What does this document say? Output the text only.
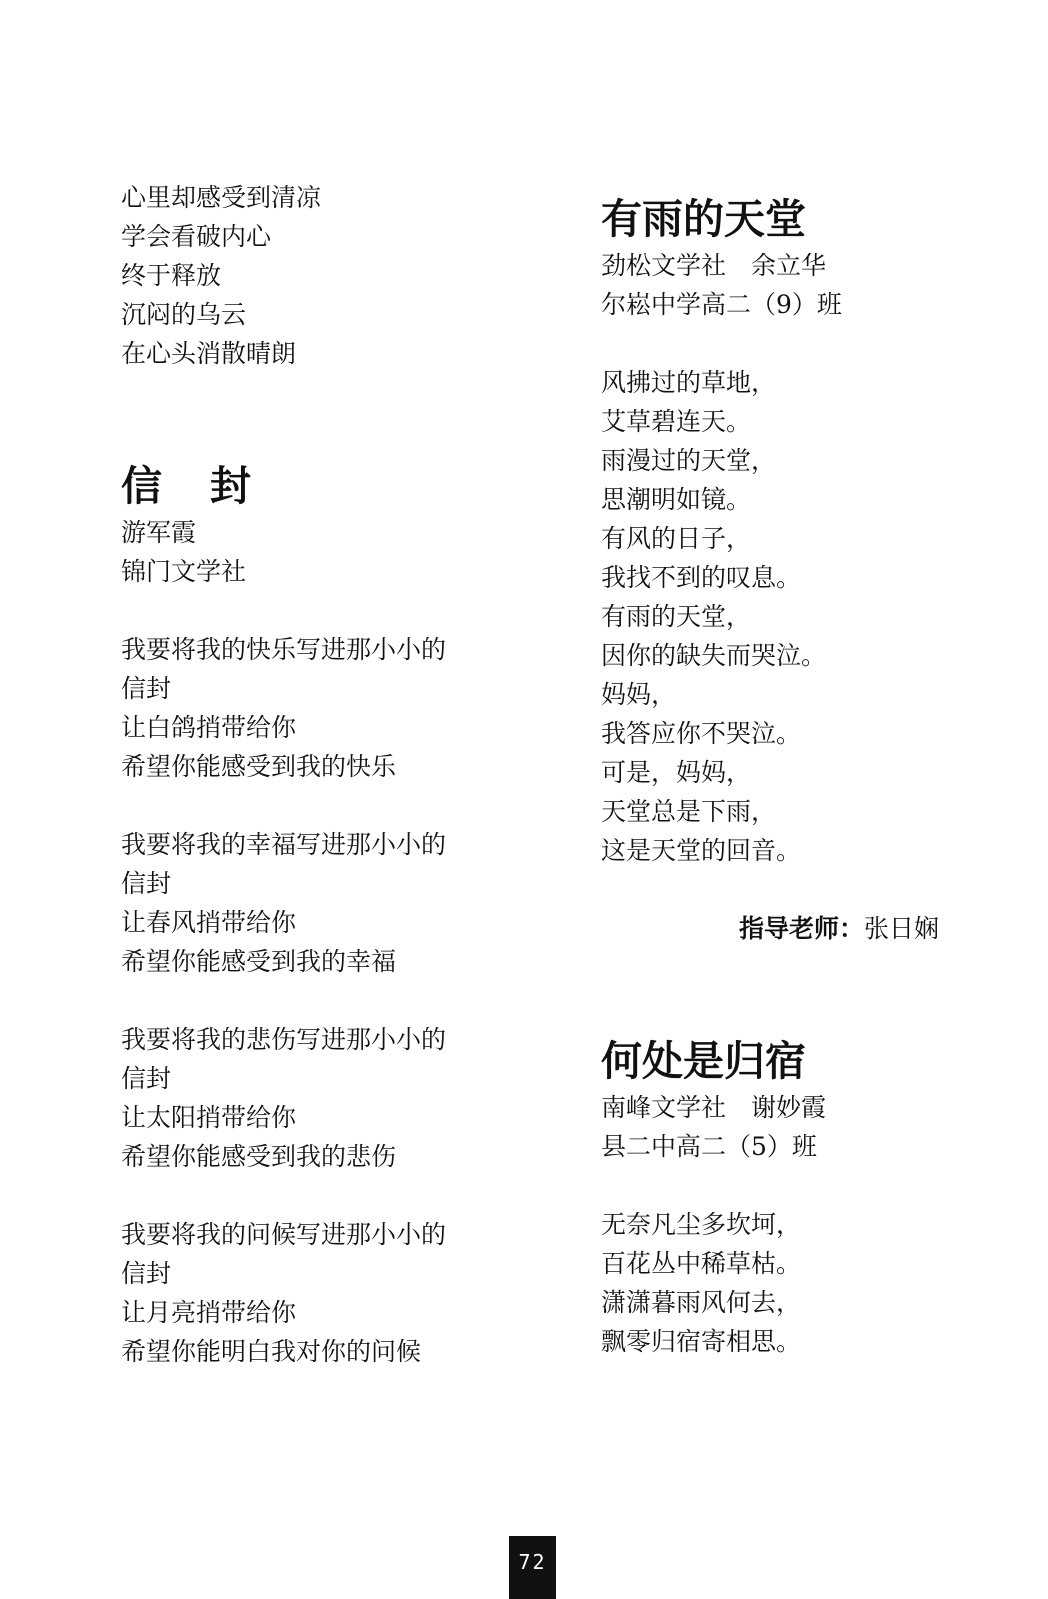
心里却感受到清凉

学会看破内心

终于释放

沉闷的乌云

在心头消散晴朗

信封

游军霞

锦门文学社

我要将我的快乐写进那小小的

信封

让白鸽捎带给你

希望你能感受到我的快乐

我要将我的幸福写进那小小的

信封

让春风捎带给你

希望你能感受到我的幸福

我要将我的悲伤写进那小小的

信封

让太阳捎带给你

希望你能感受到我的悲伤

我要将我的问候写进那小小的

信封

让月亮捎带给你

希望你能明白我对你的问候

有雨的天堂

劲松文学社　余立华

尔崧中学高二（9）班

风拂过的草地，

艾草碧连天。

雨漫过的天堂，

思潮明如镜。

有风的日子，

我找不到的叹息。

有雨的天堂，

因你的缺失而哭泣。

妈妈，

我答应你不哭泣。

可是，妈妈，

天堂总是下雨，

这是天堂的回音。

指导老师：张日娴

何处是归宿

南峰文学社　谢妙霞

县二中高二（5）班

无奈凡尘多坎坷，

百花丛中稀草枯。

潇潇暮雨风何去，

飘零归宿寄相思。

72
